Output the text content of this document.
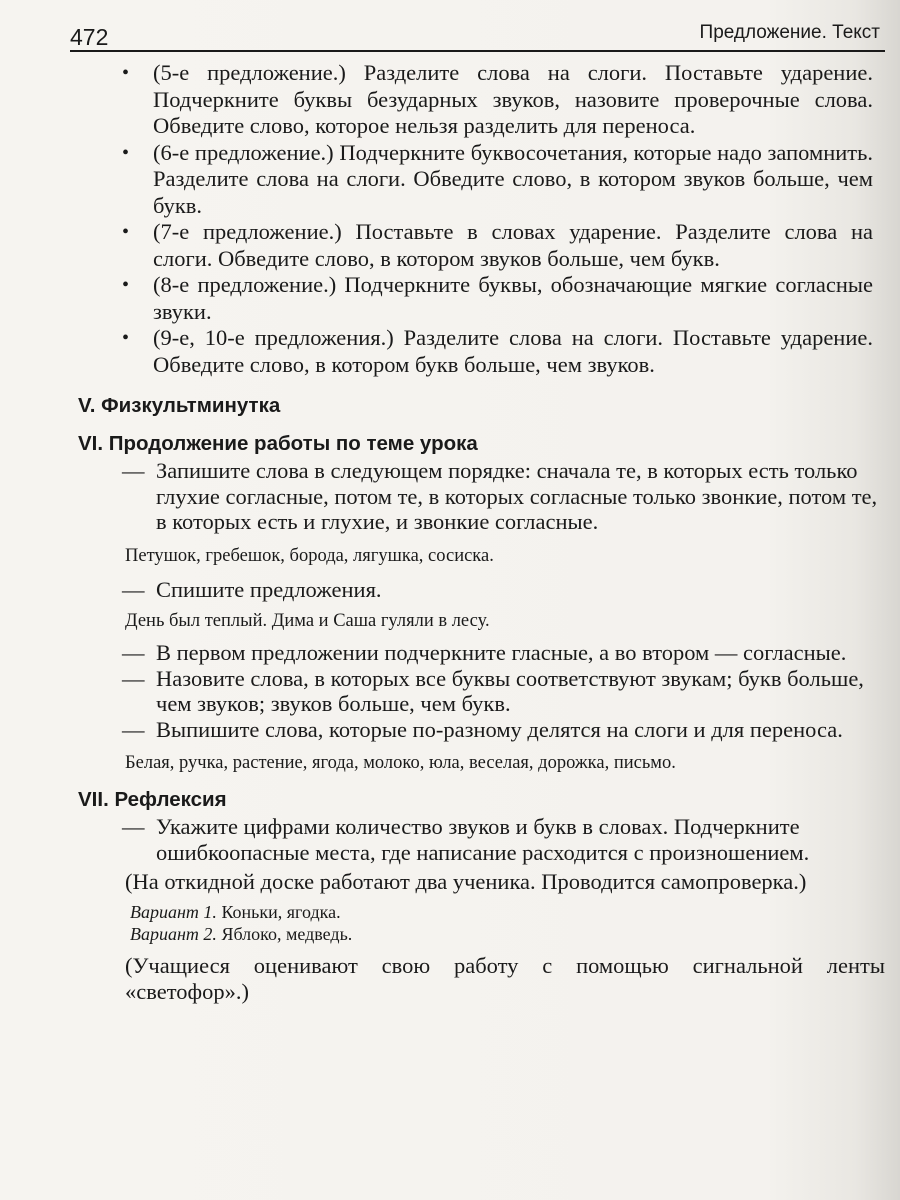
472	Предложение. Текст
• (5-е предложение.) Разделите слова на слоги. Поставьте ударение. Подчеркните буквы безударных звуков, назовите проверочные слова. Обведите слово, которое нельзя разделить для переноса.
• (6-е предложение.) Подчеркните буквосочетания, которые надо запомнить. Разделите слова на слоги. Обведите слово, в котором звуков больше, чем букв.
• (7-е предложение.) Поставьте в словах ударение. Разделите слова на слоги. Обведите слово, в котором звуков больше, чем букв.
• (8-е предложение.) Подчеркните буквы, обозначающие мягкие согласные звуки.
• (9-е, 10-е предложения.) Разделите слова на слоги. Поставьте ударение. Обведите слово, в котором букв больше, чем звуков.
V. Физкультминутка
VI. Продолжение работы по теме урока
— Запишите слова в следующем порядке: сначала те, в которых есть только глухие согласные, потом те, в которых согласные только звонкие, потом те, в которых есть и глухие, и звонкие согласные.
Петушок, гребешок, борода, лягушка, сосиска.
— Спишите предложения.
День был теплый. Дима и Саша гуляли в лесу.
— В первом предложении подчеркните гласные, а во втором — согласные.
— Назовите слова, в которых все буквы соответствуют звукам; букв больше, чем звуков; звуков больше, чем букв.
— Выпишите слова, которые по-разному делятся на слоги и для переноса.
Белая, ручка, растение, ягода, молоко, юла, веселая, дорожка, письмо.
VII. Рефлексия
— Укажите цифрами количество звуков и букв в словах. Подчеркните ошибкоопасные места, где написание расходится с произношением.
(На откидной доске работают два ученика. Проводится самопроверка.)
Вариант 1. Коньки, ягодка.
Вариант 2. Яблоко, медведь.
(Учащиеся оценивают свою работу с помощью сигнальной ленты «светофор».)
